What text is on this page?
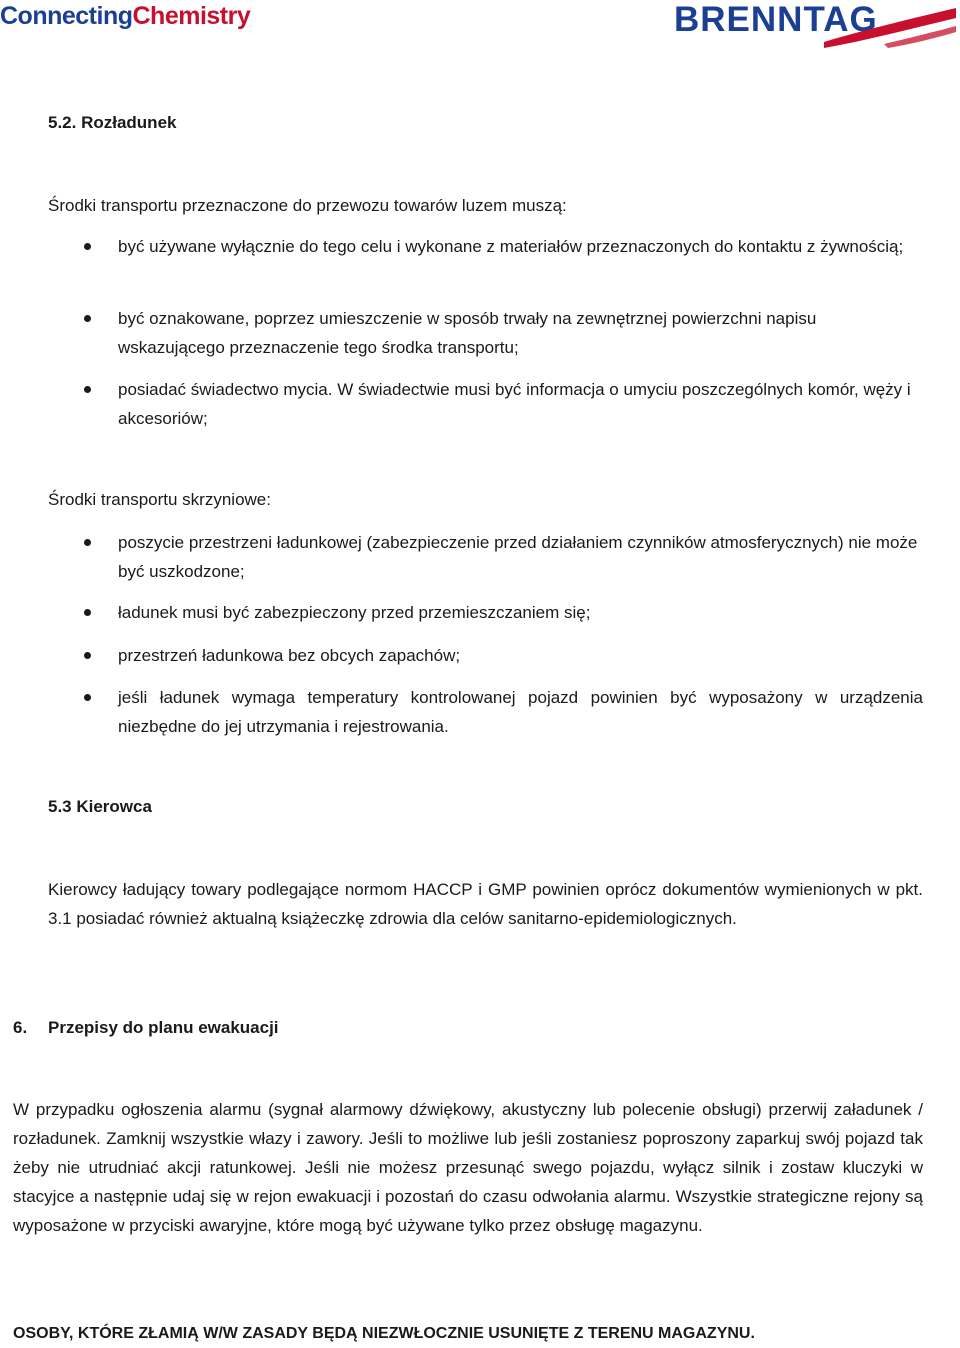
ConnectingChemistry	BRENNTAG
5.2. Rozładunek

Środki transportu przeznaczone do przewozu towarów luzem muszą:

być używane wyłącznie do tego celu i wykonane z materiałów przeznaczonych do kontaktu z żywnością;

być oznakowane, poprzez umieszczenie w sposób trwały na zewnętrznej powierzchni napisu wskazującego przeznaczenie tego środka transportu;

posiadać świadectwo mycia. W świadectwie musi być informacja o umyciu poszczególnych komór, węży i akcesoriów;

Środki transportu skrzyniowe:

poszycie przestrzeni ładunkowej (zabezpieczenie przed działaniem czynników atmosferycznych) nie może być uszkodzone;

ładunek musi być zabezpieczony przed przemieszczaniem się;

przestrzeń ładunkowa bez obcych zapachów;

jeśli ładunek wymaga temperatury kontrolowanej pojazd powinien być wyposażony w urządzenia niezbędne do jej utrzymania i rejestrowania.

5.3 Kierowca

Kierowcy ładujący towary podlegające normom HACCP i GMP powinien oprócz dokumentów wymienionych w pkt. 3.1 posiadać również aktualną książeczkę zdrowia dla celów sanitarno-epidemiologicznych.

6. Przepisy do planu ewakuacji

W przypadku ogłoszenia alarmu (sygnał alarmowy dźwiękowy, akustyczny lub polecenie obsługi) przerwij załadunek / rozładunek. Zamknij wszystkie włazy i zawory. Jeśli to możliwe lub jeśli zostaniesz poproszony zaparkuj swój pojazd tak żeby nie utrudniać akcji ratunkowej. Jeśli nie możesz przesunąć swego pojazdu, wyłącz silnik i zostaw kluczyki w stacyjce a następnie udaj się w rejon ewakuacji i pozostań do czasu odwołania alarmu. Wszystkie strategiczne rejony są wyposażone w przyciski awaryjne, które mogą być używane tylko przez obsługę magazynu.

OSOBY, KTÓRE ZŁAMIĄ W/W ZASADY BĘDĄ NIEZWŁOCZNIE USUNIĘTE Z TERENU MAGAZYNU.
